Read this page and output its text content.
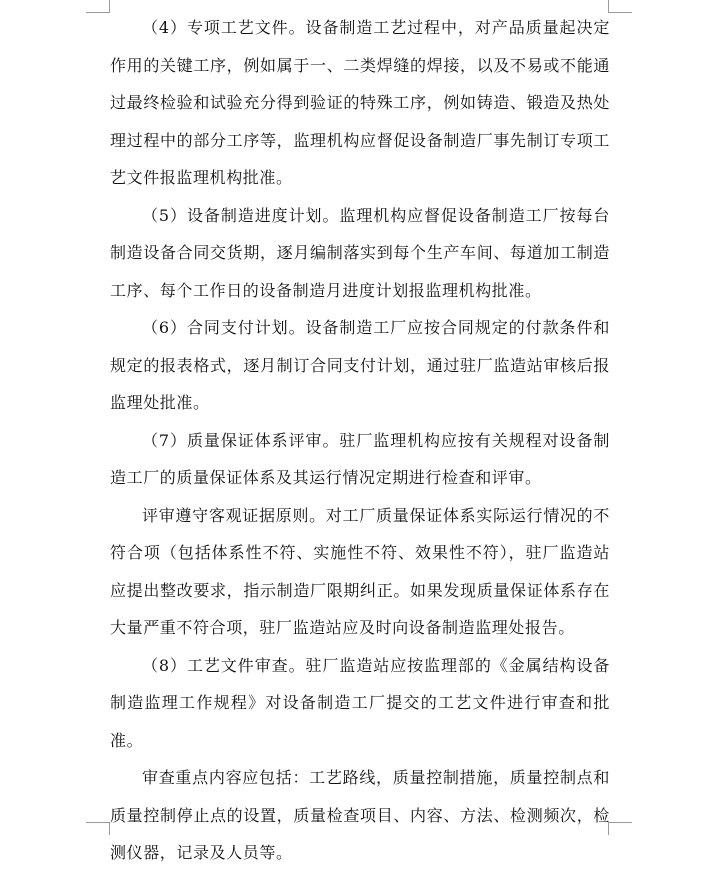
（4）专项工艺文件。设备制造工艺过程中，对产品质量起决定作用的关键工序，例如属于一、二类焊缝的焊接，以及不易或不能通过最终检验和试验充分得到验证的特殊工序，例如铸造、锻造及热处理过程中的部分工序等，监理机构应督促设备制造厂事先制订专项工艺文件报监理机构批准。

（5）设备制造进度计划。监理机构应督促设备制造工厂按每台制造设备合同交货期，逐月编制落实到每个生产车间、每道加工制造工序、每个工作日的设备制造月进度计划报监理机构批准。

（6）合同支付计划。设备制造工厂应按合同规定的付款条件和规定的报表格式，逐月制订合同支付计划，通过驻厂监造站审核后报监理处批准。

（7）质量保证体系评审。驻厂监理机构应按有关规程对设备制造工厂的质量保证体系及其运行情况定期进行检查和评审。

评审遵守客观证据原则。对工厂质量保证体系实际运行情况的不符合项（包括体系性不符、实施性不符、效果性不符），驻厂监造站应提出整改要求，指示制造厂限期纠正。如果发现质量保证体系存在大量严重不符合项，驻厂监造站应及时向设备制造监理处报告。

（8）工艺文件审查。驻厂监造站应按监理部的《金属结构设备制造监理工作规程》对设备制造工厂提交的工艺文件进行审查和批准。

审查重点内容应包括：工艺路线，质量控制措施，质量控制点和质量控制停止点的设置，质量检查项目、内容、方法、检测频次，检测仪器，记录及人员等。
